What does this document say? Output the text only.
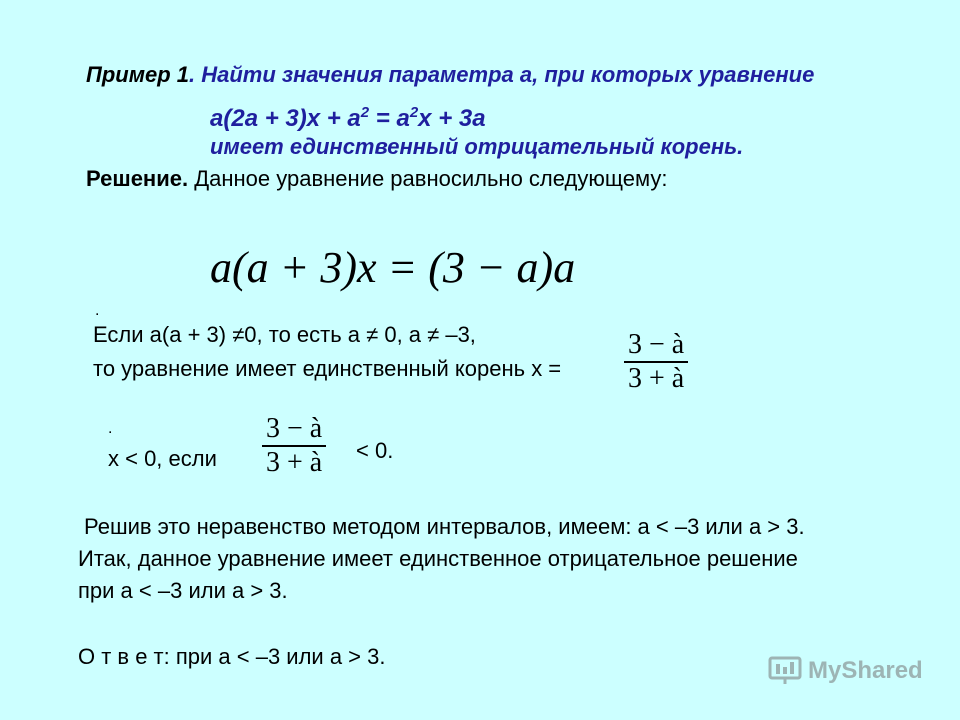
Пример 1. Найти значения параметра a, при которых уравнение
$a(2a + 3)x + a^2 = a^2x + 3a$
имеет единственный отрицательный корень.
Решение. Данное уравнение равносильно следующему:
a(a + 3)x = (3 − a)a
.
Если a(a + 3) ≠0, то есть a ≠ 0, a ≠ –3,
то уравнение имеет единственный корень x =
3 − à
3 + à
.
x < 0, если
3 − à
3 + à < 0.
Решив это неравенство методом интервалов, имеем: a < –3 или a > 3.
Итак, данное уравнение имеет единственное отрицательное решение
при a < –3 или a > 3.
О т в е т: при a < –3 или a > 3.
MyShared
